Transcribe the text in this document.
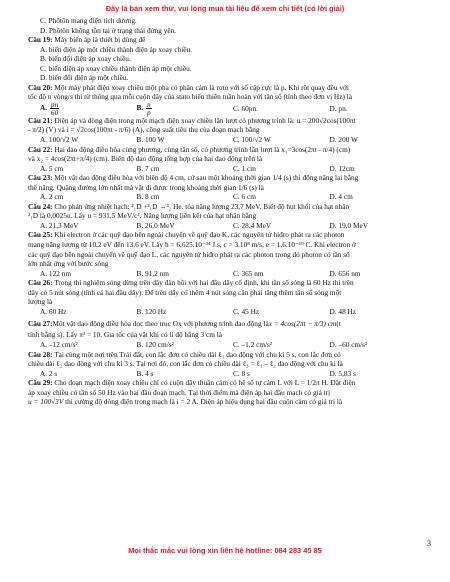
Đây là bản xem thử, vui lòng mua tài liệu để xem chi tiết (có lời giải)
C. Phôtôn mang điện tích dương.
D. Phôtôn không tồn tại ở trạng thái đứng yên.
Câu 19: Máy biến áp là thiết bị dùng để
A. biến điện áp một chiều thành điện áp xoay chiều.
B. biến đổi điện áp xoay chiều.
C. biến điện áp xoay chiều thành điện áp một chiều.
D. biến đổi điện áp một chiều.
Câu 20: Một máy phát điện xoay chiều một pha có phần cảm là roto với số cặp cực là p. Khi rôt quay đều với
tốc độ n vòng/s thì từ thông qua mỗi cuộn dây của stato biến thiên tuần hoàn với tần số (tính theo đơn vị Hz) là
A. $\frac{pn}{60}$	B. $\frac{n}{p}$	C. 60pn.	D. pn.
Câu 21: Điện áp và dòng điện trong một mạch điện xoay chiều lần lượt có phương trình là: u = 200√2cos(100πt
- π/2) (V) và i = √2cos(100πt - π/6) (A), công suất tiêu thụ của đoạn mạch bằng
A. 100/√2 W	B. 100 W	C. 100/√2 W	D. 200 W
Câu 22: Hai dao động điều hòa cùng phương, cùng tần số, có phương trình lần lượt là x₁=3cos(2πt - π/4) (cm)
và x₂ = 4cos(2πt+π/4) (cm). Biên độ dao động tổng hợp của hai dao động trên là
A. 5 cm	B. 7 cm	C. 1 cm	D. 12cm
Câu 23: Một vật dao động điều hòa với biên độ 4 cm, cứ sau một khoảng thời gian 1/4 (s) thì động năng lại bằng
thế năng. Quãng đường lớn nhất mà vật đi được trong khoảng thời gian 1/6 (s) là
A. 2 cm	B. 8 cm	C. 6 cm	D. 4 cm
Câu 24: Cho phản ứng nhiệt hạch: ²₁D +²₁D →³₂ He. tỏa năng lượng 23,7 MeV. Biết độ hụt khối của hạt nhân
²₁D là 0,0025u. Lấy u = 931,5 MeV/c². Năng lượng liên kết của hạt nhân bằng
A. 21,3 MeV	B. 26,0 MeV	C. 28,4 MeV	D. 19,0 MeV
Câu 25: Khi electron ở các quỹ đạo bên ngoài chuyển về quỹ đạo K, các nguyên tử hiđro phát ra các photon
mang năng lượng từ 10,2 eV đến 13,6 eV. Lấy h = 6,625.10⁻³⁴ J.s, c = 3.10⁸ m/s, e = 1,6.10⁻¹⁹ C. Khi electron ở
các quỹ đạo bên ngoài chuyển về quỹ đạo L, các nguyên tử hiđro phát ra các photon trong đó photon có tần số
lớn nhất ứng với bước sóng
A. 122 nm	B. 91,2 nm	C. 365 nm	D. 656 nm
Câu 26: Trong thí nghiệm sóng dừng trên dây đàn hồi với hai đầu dây cố định, khi tần số sóng là 60 Hz thì trên
dây có 5 nút sóng (tính cả hai đầu dây). Để trên dây có thêm 4 nút sóng cần phải tăng thêm tần số sóng một
lượng là
A. 60 Hz	B. 120 Hz	C. 45 Hz	D. 48 Hz
Câu 27: Một vật dao động điều hòa dọc theo trục Ox với phương trình dao động là x = 4cos(2πt − π/3) cm (t
tính bằng s). Lấy π² = 10. Gia tốc của vật khi có li độ bằng 3 cm là
A. –12 cm/s²	B. 120 cm/s²	C. –1,2 cm/s²	D. –60 cm/s²
Câu 28: Tại cùng một nơi trên Trái đất, con lắc đơn có chiều dài ℓ₁ dao động với chu kì 5 s, con lắc đơn có
chiều dài ℓ₂ dao động với chu kì 3 s. Tại nơi đó, con lắc đơn có chiều dài ℓ₃ = ℓ₁ – ℓ₂ dao động với chu kì là
A. 2 s	B. 4 s	C. 8 s	D. 5,83 s
Câu 29: Cho đoạn mạch điện xoay chiều chỉ có cuộn dây thuần cảm có hệ số tự cảm L với L = 1/2π H. Đặt điện
áp xoay chiều có tần số 50 Hz vào hai đầu đoạn mạch. Tại thời điểm mà điện áp hai đầu mạch có giá trị
u = 100√3V thì cường độ dòng điện trong mạch là i = 2 A. Điện áp hiệu dụng hai đầu cuộn cảm có giá trị là
3
Mọi thắc mắc vui lòng xin liên hệ hotline: 084 283 45 85
